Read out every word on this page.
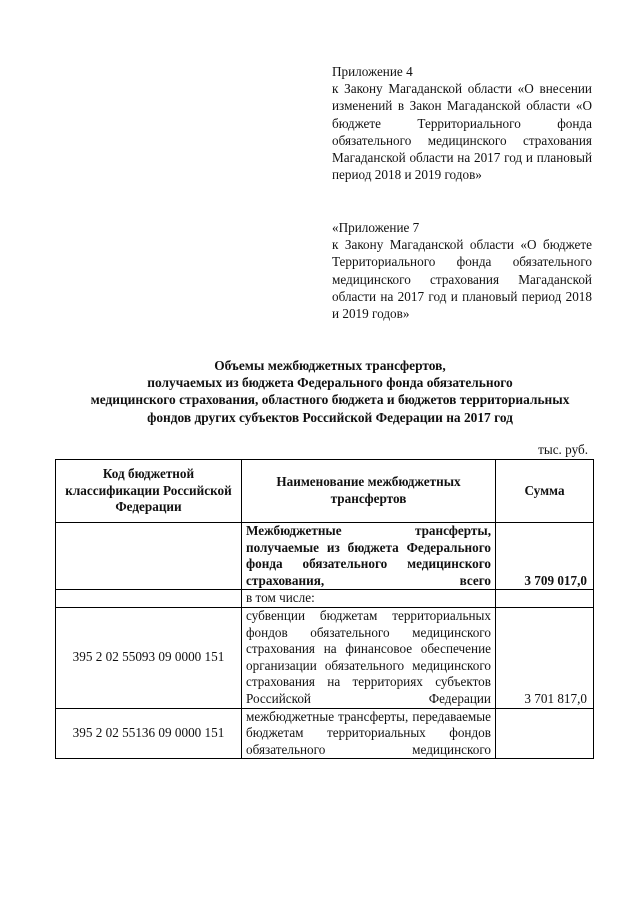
Приложение 4

к Закону Магаданской области «О внесении изменений в Закон Магаданской области «О бюджете Территориального фонда обязательного медицинского страхования Магаданской области на 2017 год и плановый период 2018 и 2019 годов»

«Приложение 7

к Закону Магаданской области «О бюджете Территориального фонда обязательного медицинского страхования Магаданской области на 2017 год и плановый период 2018 и 2019 годов»

Объемы межбюджетных трансфертов,
получаемых из бюджета Федерального фонда обязательного
медицинского страхования, областного бюджета и бюджетов территориальных
фондов других субъектов Российской Федерации на 2017 год
тыс. руб.
Код бюджетной классификации Российской Федерации	Наименование межбюджетных трансфертов	Сумма
	Межбюджетные трансферты, получаемые из бюджета Федерального фонда обязательного медицинского страхования, всего	3 709 017,0
	в том числе:	
395 2 02 55093 09 0000 151	субвенции бюджетам территориальных фондов обязательного медицинского страхования на финансовое обеспечение организации обязательного медицинского страхования на территориях субъектов Российской Федерации	3 701 817,0
395 2 02 55136 09 0000 151	межбюджетные трансферты, передаваемые бюджетам территориальных фондов обязательного медицинского	
